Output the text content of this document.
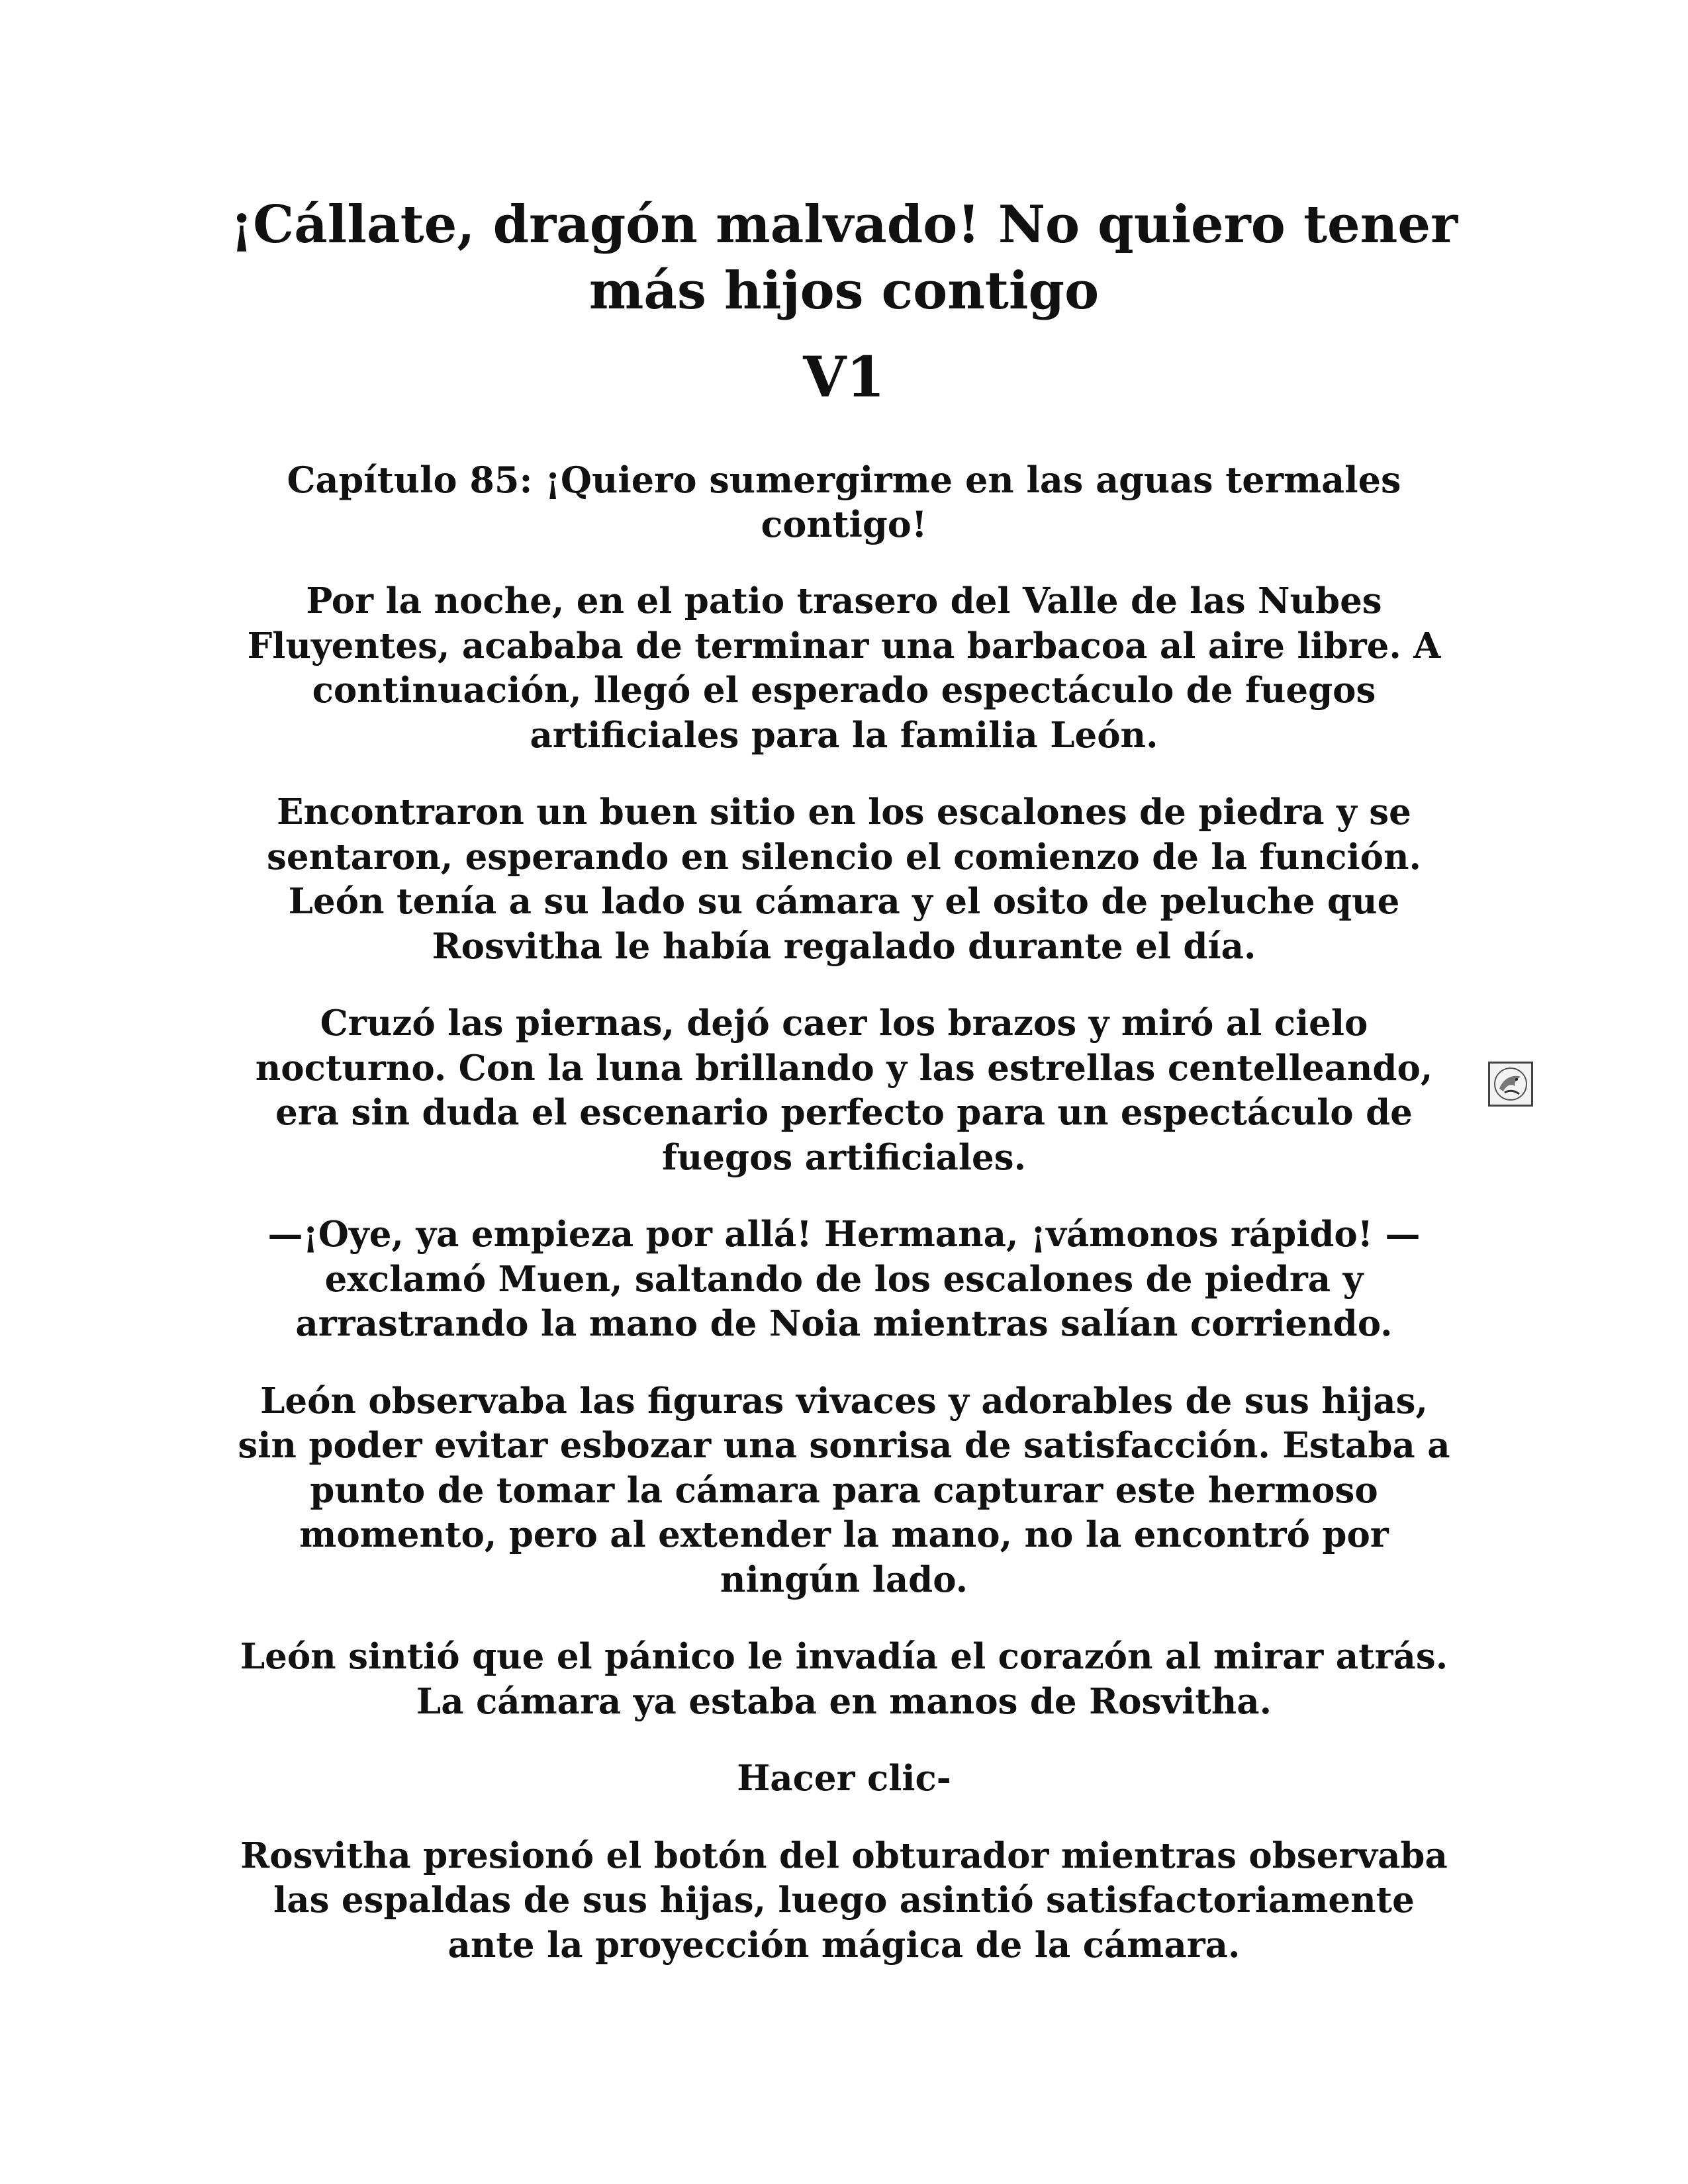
¡Cállate, dragón malvado! No quiero tener más hijos contigo
V1
Capítulo 85: ¡Quiero sumergirme en las aguas termales contigo!

Por la noche, en el patio trasero del Valle de las Nubes Fluyentes, acababa de terminar una barbacoa al aire libre. A continuación, llegó el esperado espectáculo de fuegos artificiales para la familia León.

Encontraron un buen sitio en los escalones de piedra y se sentaron, esperando en silencio el comienzo de la función. León tenía a su lado su cámara y el osito de peluche que Rosvitha le había regalado durante el día.

Cruzó las piernas, dejó caer los brazos y miró al cielo nocturno. Con la luna brillando y las estrellas centelleando, era sin duda el escenario perfecto para un espectáculo de fuegos artificiales.

—¡Oye, ya empieza por allá! Hermana, ¡vámonos rápido! —exclamó Muen, saltando de los escalones de piedra y arrastrando la mano de Noia mientras salían corriendo.

León observaba las figuras vivaces y adorables de sus hijas, sin poder evitar esbozar una sonrisa de satisfacción. Estaba a punto de tomar la cámara para capturar este hermoso momento, pero al extender la mano, no la encontró por ningún lado.

León sintió que el pánico le invadía el corazón al mirar atrás. La cámara ya estaba en manos de Rosvitha.

Hacer clic-

Rosvitha presionó el botón del obturador mientras observaba las espaldas de sus hijas, luego asintió satisfactoriamente ante la proyección mágica de la cámara.
